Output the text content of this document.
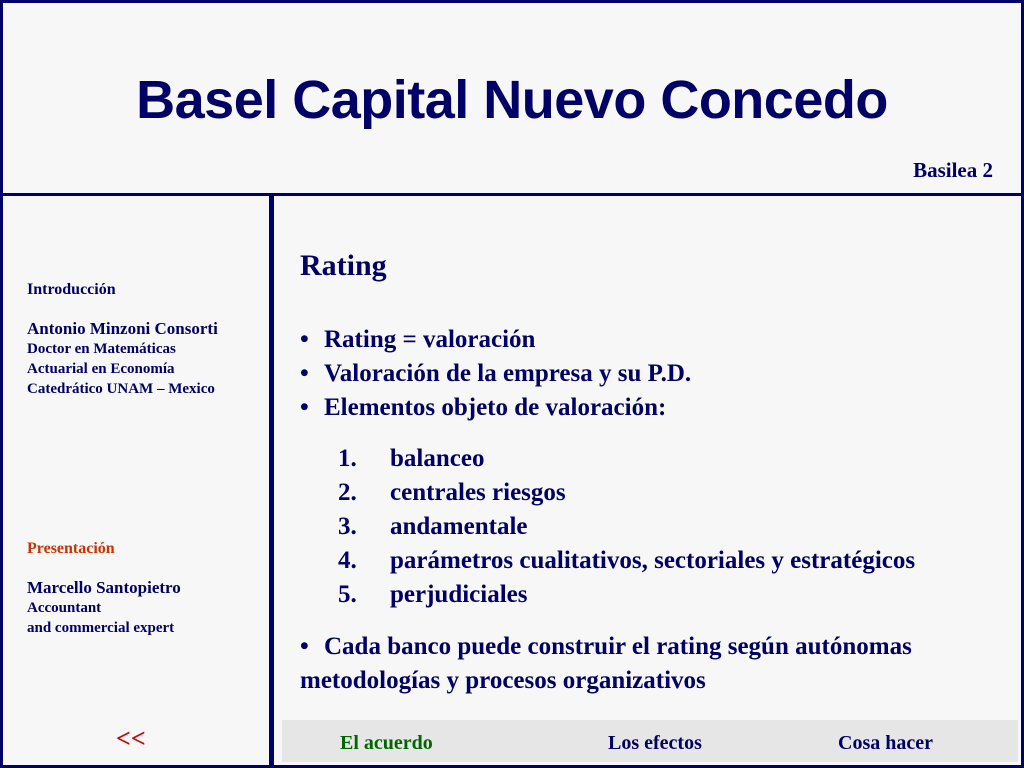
Basel Capital Nuevo Concedo
Basilea 2
Introducción
Antonio Minzoni Consorti
Doctor en Matemáticas
Actuarial en Economía
Catedrático UNAM – Mexico
Presentación
Marcello Santopietro
Accountant
and commercial expert
<<
Rating
• Rating = valoración
• Valoración de la empresa y su P.D.
• Elementos objeto de valoración:
1. balanceo
2. centrales riesgos
3. andamentale
4. parámetros cualitativos, sectoriales y estratégicos
5. perjudiciales
• Cada banco puede construir el rating según autónomas metodologías y procesos organizativos
El acuerdo	Los efectos	Cosa hacer
